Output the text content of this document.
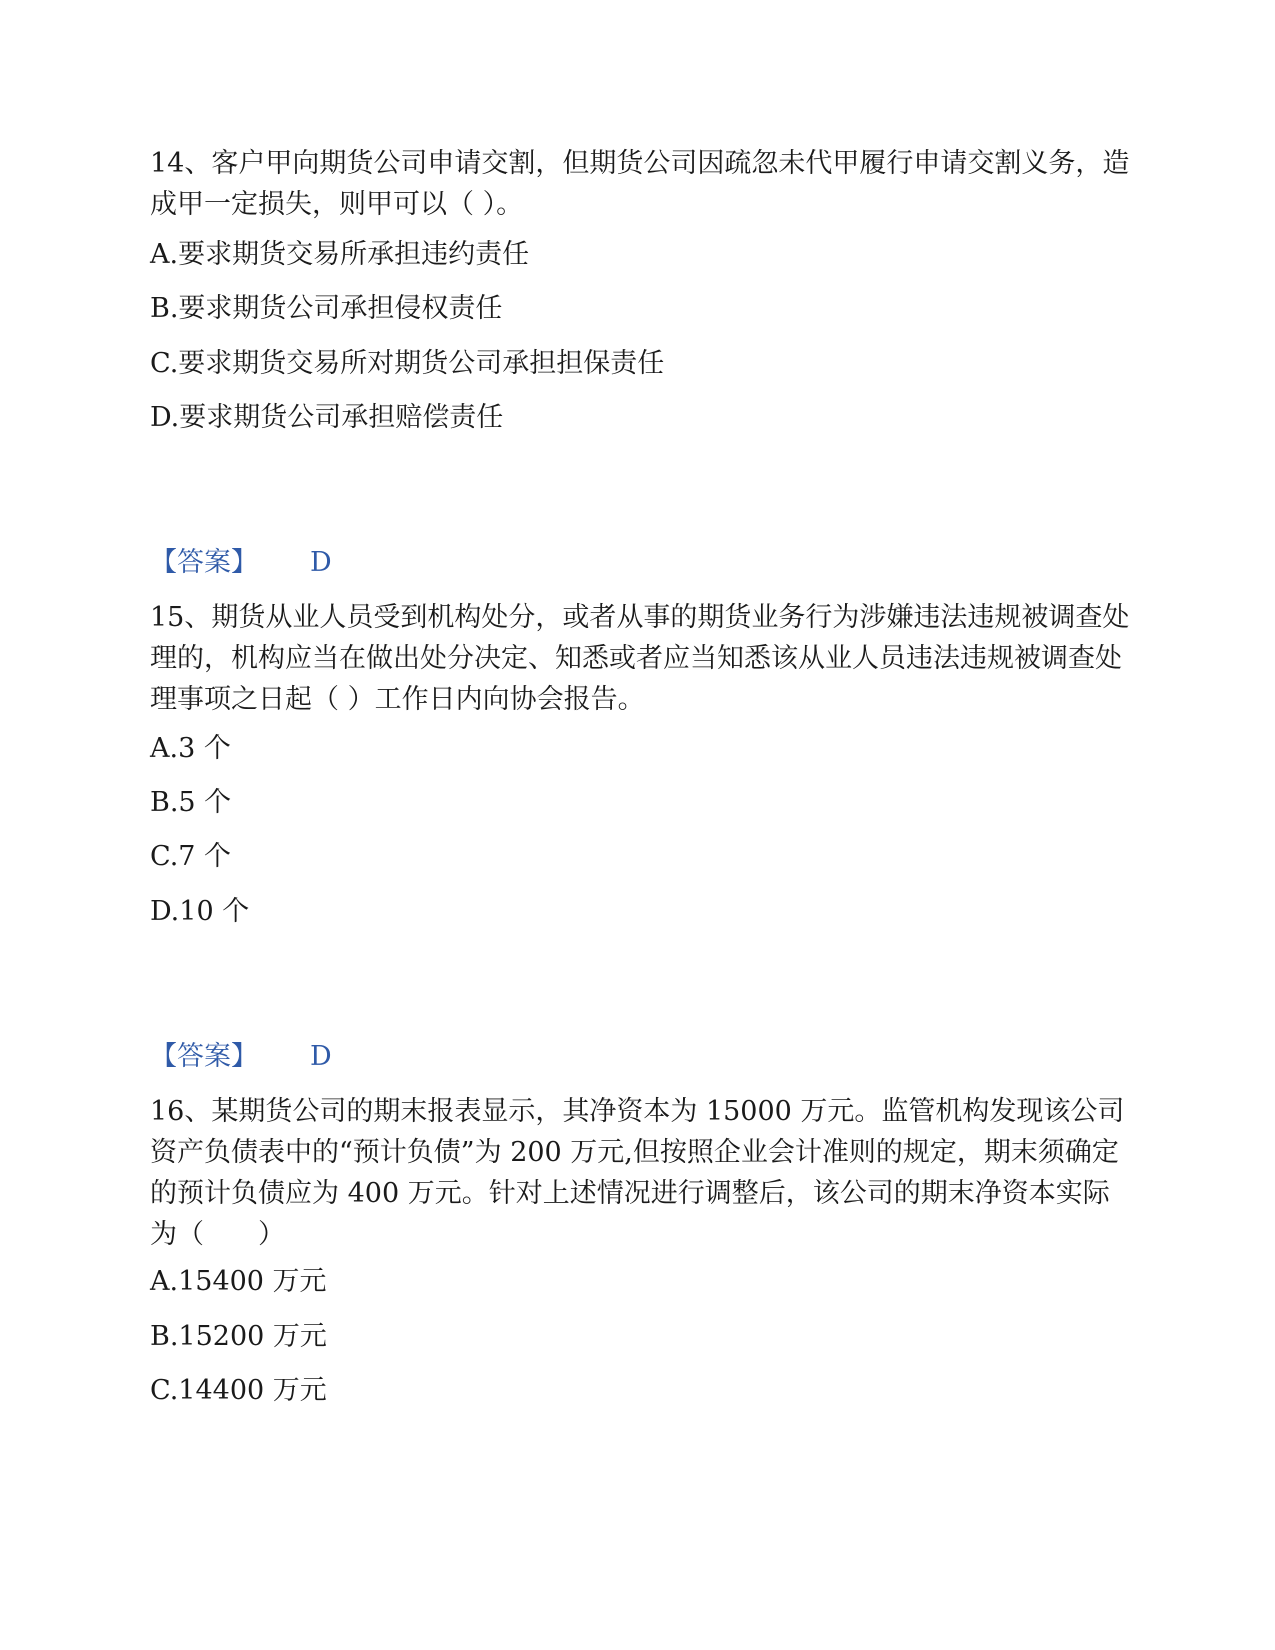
14、客户甲向期货公司申请交割，但期货公司因疏忽未代甲履行申请交割义务，造成甲一定损失，则甲可以（ ）。
A.要求期货交易所承担违约责任
B.要求期货公司承担侵权责任
C.要求期货交易所对期货公司承担担保责任
D.要求期货公司承担赔偿责任
【答案】 D
15、期货从业人员受到机构处分，或者从事的期货业务行为涉嫌违法违规被调查处理的，机构应当在做出处分决定、知悉或者应当知悉该从业人员违法违规被调查处理事项之日起（ ）工作日内向协会报告。
A.3 个
B.5 个
C.7 个
D.10 个
【答案】 D
16、某期货公司的期末报表显示，其净资本为 15000 万元。监管机构发现该公司资产负债表中的“预计负债”为 200 万元,但按照企业会计准则的规定，期末须确定的预计负债应为 400 万元。针对上述情况进行调整后，该公司的期末净资本实际为（　　）
A.15400 万元
B.15200 万元
C.14400 万元
